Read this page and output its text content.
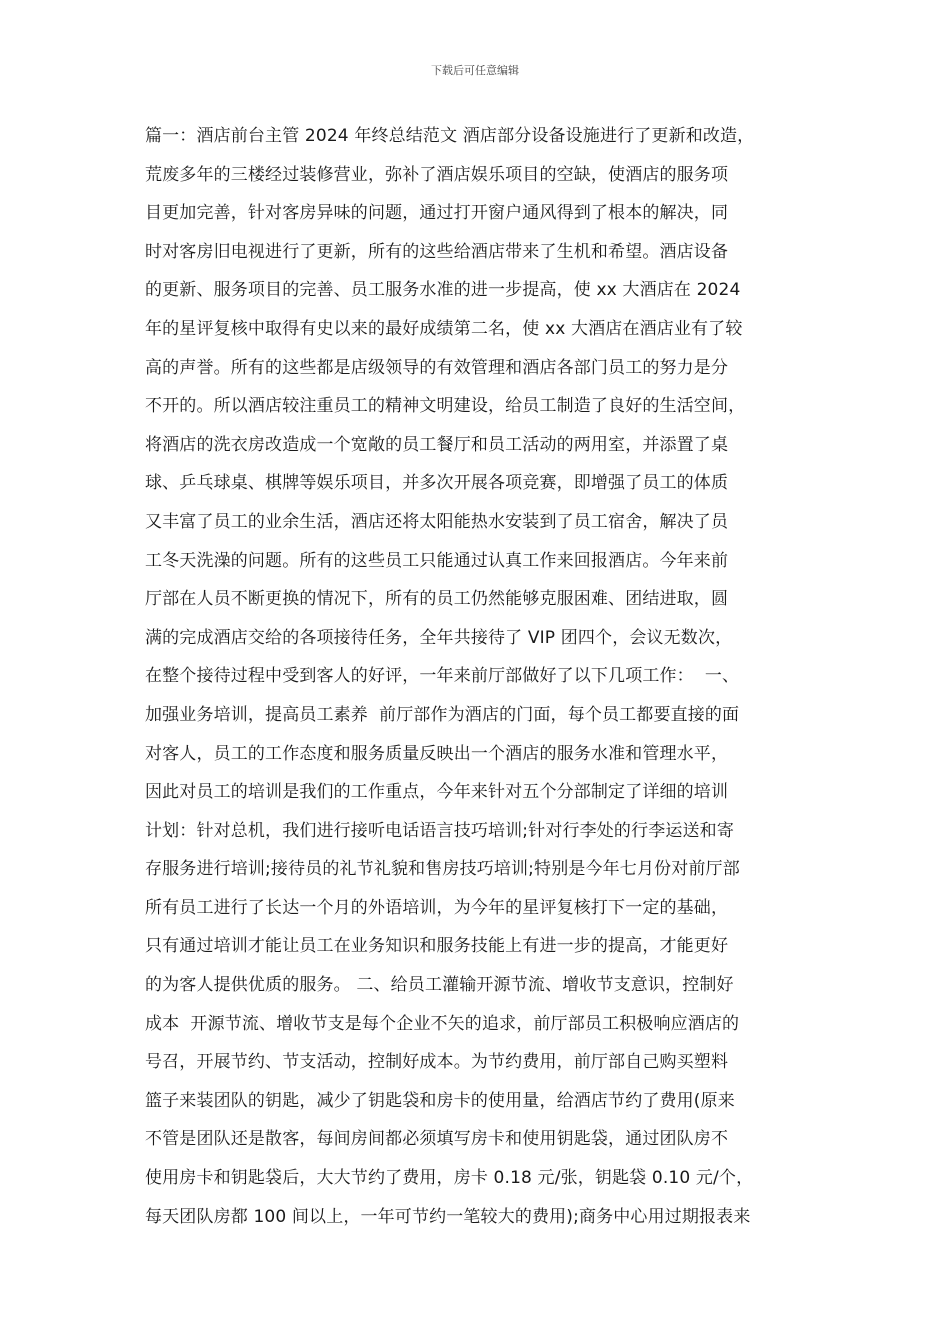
下载后可任意编辑
篇一：酒店前台主管 2024 年终总结范文 酒店部分设备设施进行了更新和改造，
荒废多年的三楼经过装修营业，弥补了酒店娱乐项目的空缺，使酒店的服务项
目更加完善，针对客房异味的问题，通过打开窗户通风得到了根本的解决，同
时对客房旧电视进行了更新，所有的这些给酒店带来了生机和希望。酒店设备
的更新、服务项目的完善、员工服务水准的进一步提高，使 xx 大酒店在 2024
年的星评复核中取得有史以来的最好成绩第二名，使 xx 大酒店在酒店业有了较
高的声誉。所有的这些都是店级领导的有效管理和酒店各部门员工的努力是分
不开的。所以酒店较注重员工的精神文明建设，给员工制造了良好的生活空间，
将酒店的洗衣房改造成一个宽敞的员工餐厅和员工活动的两用室，并添置了桌
球、乒乓球桌、棋牌等娱乐项目，并多次开展各项竞赛，即增强了员工的体质
又丰富了员工的业余生活，酒店还将太阳能热水安装到了员工宿舍，解决了员
工冬天洗澡的问题。所有的这些员工只能通过认真工作来回报酒店。今年来前
厅部在人员不断更换的情况下，所有的员工仍然能够克服困难、团结进取，圆
满的完成酒店交给的各项接待任务，全年共接待了 VIP 团四个，会议无数次，
在整个接待过程中受到客人的好评，一年来前厅部做好了以下几项工作：  一、
加强业务培训，提高员工素养  前厅部作为酒店的门面，每个员工都要直接的面
对客人，员工的工作态度和服务质量反映出一个酒店的服务水准和管理水平，
因此对员工的培训是我们的工作重点，今年来针对五个分部制定了详细的培训
计划：针对总机，我们进行接听电话语言技巧培训;针对行李处的行李运送和寄
存服务进行培训;接待员的礼节礼貌和售房技巧培训;特别是今年七月份对前厅部
所有员工进行了长达一个月的外语培训，为今年的星评复核打下一定的基础，
只有通过培训才能让员工在业务知识和服务技能上有进一步的提高，才能更好
的为客人提供优质的服务。 二、给员工灌输开源节流、增收节支意识，控制好
成本  开源节流、增收节支是每个企业不矢的追求，前厅部员工积极响应酒店的
号召，开展节约、节支活动，控制好成本。为节约费用，前厅部自己购买塑料
篮子来装团队的钥匙，减少了钥匙袋和房卡的使用量，给酒店节约了费用(原来
不管是团队还是散客，每间房间都必须填写房卡和使用钥匙袋，通过团队房不
使用房卡和钥匙袋后，大大节约了费用，房卡 0.18 元/张，钥匙袋 0.10 元/个，
每天团队房都 100 间以上，一年可节约一笔较大的费用);商务中心用过期报表来
